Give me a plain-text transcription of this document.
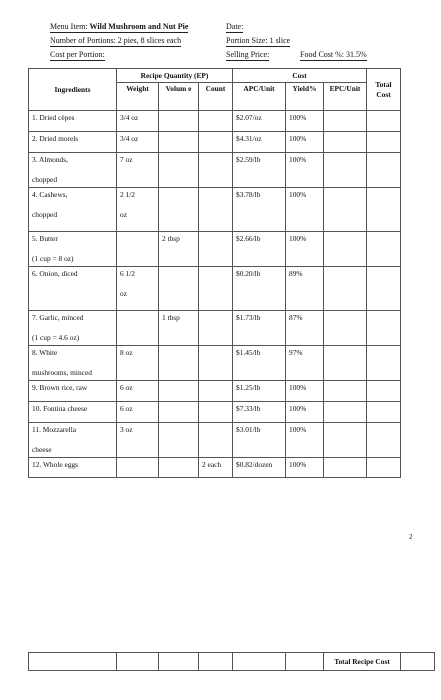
Menu Item: Wild Mushroom and Nut Pie	Date:
Number of Portions: 2 pies, 8 slices each	Portion Size: 1 slice
Cost per Portion:	Selling Price:	Food Cost %: 31.5%
Ingredients	Recipe Quantity (EP)			Cost			Total Cost
	Weight	Volum e	Count	APC/Unit	Yield%	EPC/Unit	

1. Dried cèpes	3/4 oz			$2.07/oz	100%		

2. Dried morels	3/4 oz			$4.31/oz	100%		

3. Almonds,
chopped	7 oz			$2.59/lb	100%		

4. Cashews,
chopped	2 1/2
oz			$3.78/lb	100%		

5. Butter
(1 cup = 8 oz)		2 tbsp		$2.66/lb	100%		

6. Onion, diced	6 1/2
oz			$0.20/lb	89%		

7. Garlic, minced
(1 cup = 4.6 oz)		1 tbsp		$1.73/lb	87%		

8. White
mushrooms, minced	8 oz			$1.45/lb	97%		

9. Brown rice, raw	6 oz			$1.25/lb	100%		

10. Fontina cheese	6 oz			$7.33/lb	100%		

11. Mozzarella
cheese	3 oz			$3.01/lb	100%		

12. Whole eggs			2 each	$0.82/dozen	100%		
2
						Total Recipe Cost	
